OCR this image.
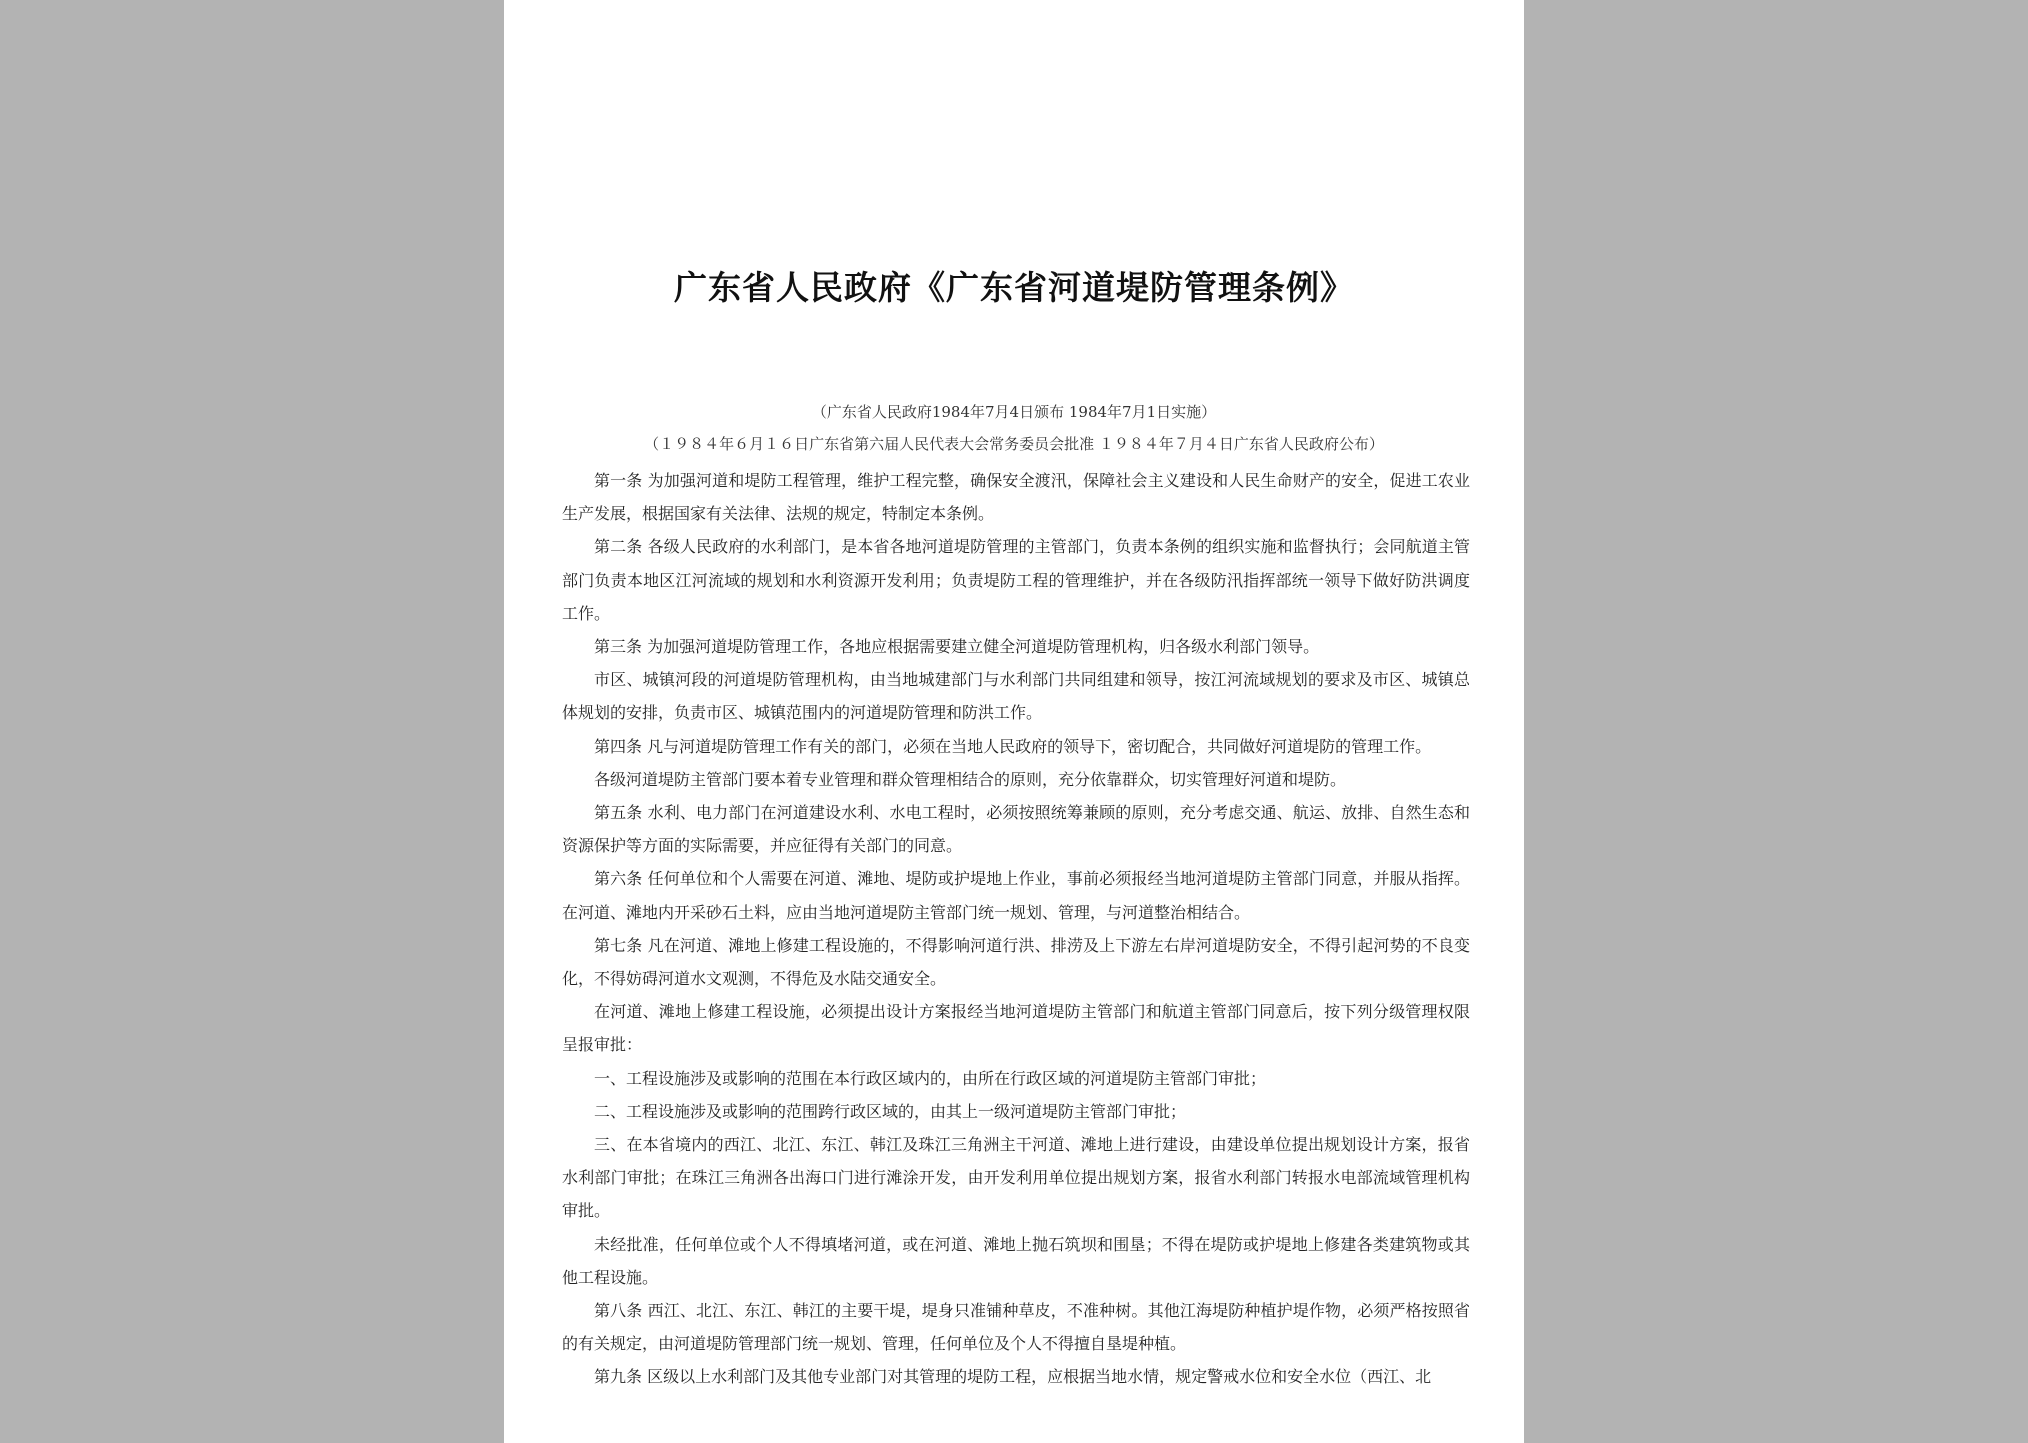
广东省人民政府《广东省河道堤防管理条例》

（广东省人民政府1984年7月4日颁布 1984年7月1日实施）

（１９８４年６月１６日广东省第六届人民代表大会常务委员会批准 １９８４年７月４日广东省人民政府公布）

第一条 为加强河道和堤防工程管理，维护工程完整，确保安全渡汛，保障社会主义建设和人民生命财产的安全，促进工农业生产发展，根据国家有关法律、法规的规定，特制定本条例。

第二条 各级人民政府的水利部门，是本省各地河道堤防管理的主管部门，负责本条例的组织实施和监督执行；会同航道主管部门负责本地区江河流域的规划和水利资源开发利用；负责堤防工程的管理维护，并在各级防汛指挥部统一领导下做好防洪调度工作。

第三条 为加强河道堤防管理工作，各地应根据需要建立健全河道堤防管理机构，归各级水利部门领导。

市区、城镇河段的河道堤防管理机构，由当地城建部门与水利部门共同组建和领导，按江河流域规划的要求及市区、城镇总体规划的安排，负责市区、城镇范围内的河道堤防管理和防洪工作。

第四条 凡与河道堤防管理工作有关的部门，必须在当地人民政府的领导下，密切配合，共同做好河道堤防的管理工作。

各级河道堤防主管部门要本着专业管理和群众管理相结合的原则，充分依靠群众，切实管理好河道和堤防。

第五条 水利、电力部门在河道建设水利、水电工程时，必须按照统筹兼顾的原则，充分考虑交通、航运、放排、自然生态和资源保护等方面的实际需要，并应征得有关部门的同意。

第六条 任何单位和个人需要在河道、滩地、堤防或护堤地上作业，事前必须报经当地河道堤防主管部门同意，并服从指挥。在河道、滩地内开采砂石土料，应由当地河道堤防主管部门统一规划、管理，与河道整治相结合。

第七条 凡在河道、滩地上修建工程设施的，不得影响河道行洪、排涝及上下游左右岸河道堤防安全，不得引起河势的不良变化，不得妨碍河道水文观测，不得危及水陆交通安全。

在河道、滩地上修建工程设施，必须提出设计方案报经当地河道堤防主管部门和航道主管部门同意后，按下列分级管理权限呈报审批：

一、工程设施涉及或影响的范围在本行政区域内的，由所在行政区域的河道堤防主管部门审批；

二、工程设施涉及或影响的范围跨行政区域的，由其上一级河道堤防主管部门审批；

三、在本省境内的西江、北江、东江、韩江及珠江三角洲主干河道、滩地上进行建设，由建设单位提出规划设计方案，报省水利部门审批；在珠江三角洲各出海口门进行滩涂开发，由开发利用单位提出规划方案，报省水利部门转报水电部流域管理机构审批。

未经批准，任何单位或个人不得填堵河道，或在河道、滩地上抛石筑坝和围垦；不得在堤防或护堤地上修建各类建筑物或其他工程设施。

第八条 西江、北江、东江、韩江的主要干堤，堤身只准铺种草皮，不准种树。其他江海堤防种植护堤作物，必须严格按照省的有关规定，由河道堤防管理部门统一规划、管理，任何单位及个人不得擅自垦堤种植。

第九条 区级以上水利部门及其他专业部门对其管理的堤防工程，应根据当地水情，规定警戒水位和安全水位（西江、北
